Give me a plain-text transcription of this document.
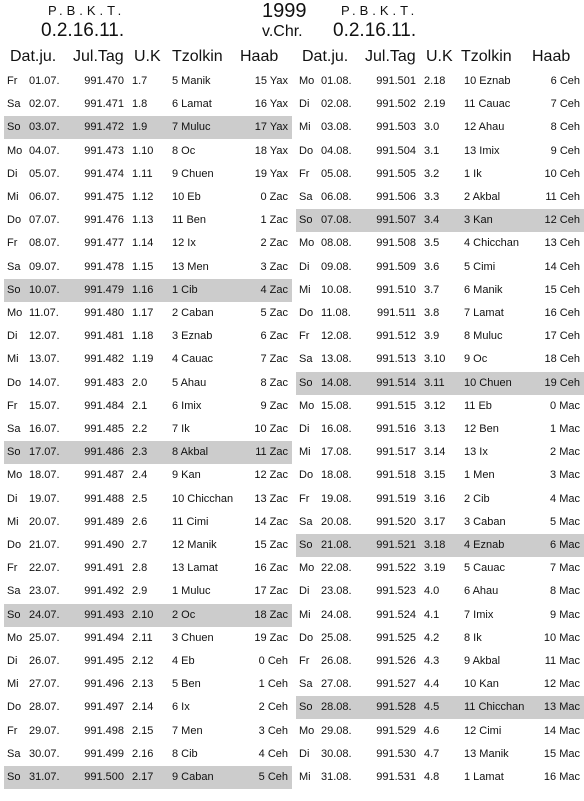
P.B.K.T.
0.2.16.11.
1999
v.Chr.
P.B.K.T.
0.2.16.11.
Dat.ju. Jul.Tag U.K Tzolkin Haab Dat.ju. Jul.Tag U.K Tzolkin Haab
Fr	01.07.	991.470 1.7	5 Manik	15 Yax
Sa 02.07.	991.471 1.8	6 Lamat	16 Yax
So 03.07.	991.472 1.9	7 Muluc	17 Yax
Mo 04.07.	991.473 1.10	8 Oc	18 Yax
Di	05.07.	991.474 1.11	9 Chuen	19 Yax
Mi 06.07.	991.475 1.12	10 Eb	0 Zac
Do 07.07.	991.476 1.13	11 Ben	1 Zac
Fr	08.07.	991.477 1.14	12 Ix	2 Zac
Sa 09.07.	991.478 1.15	13 Men	3 Zac
So 10.07.	991.479 1.16	1 Cib	4 Zac
Mo 11.07.	991.480 1.17	2 Caban	5 Zac
Di	12.07.	991.481 1.18	3 Eznab	6 Zac
Mi 13.07.	991.482 1.19	4 Cauac	7 Zac
Do 14.07.	991.483 2.0	5 Ahau	8 Zac
Fr	15.07.	991.484 2.1	6 Imix	9 Zac
Sa 16.07.	991.485 2.2	7 Ik	10 Zac
So 17.07.	991.486 2.3	8 Akbal	11 Zac
Mo 18.07.	991.487 2.4	9 Kan	12 Zac
Di	19.07.	991.488 2.5	10 Chicchan	13 Zac
Mi 20.07.	991.489 2.6	11 Cimi	14 Zac
Do 21.07.	991.490 2.7	12 Manik	15 Zac
Fr	22.07.	991.491 2.8	13 Lamat	16 Zac
Sa 23.07.	991.492 2.9	1 Muluc	17 Zac
So 24.07.	991.493 2.10	2 Oc	18 Zac
Mo 25.07.	991.494 2.11	3 Chuen	19 Zac
Di	26.07.	991.495 2.12	4 Eb	0 Ceh
Mi 27.07.	991.496 2.13	5 Ben	1 Ceh
Do 28.07.	991.497 2.14	6 Ix	2 Ceh
Fr	29.07.	991.498 2.15	7 Men	3 Ceh
Sa 30.07.	991.499 2.16	8 Cib	4 Ceh
So 31.07.	991.500 2.17	9 Caban	5 Ceh
Mo 01.08.	991.501 2.18	10 Eznab	6 Ceh
Di	02.08.	991.502 2.19	11 Cauac	7 Ceh
Mi 03.08.	991.503 3.0	12 Ahau	8 Ceh
Do 04.08.	991.504 3.1	13 Imix	9 Ceh
Fr	05.08.	991.505 3.2	1 Ik	10 Ceh
Sa 06.08.	991.506 3.3	2 Akbal	11 Ceh
So 07.08.	991.507 3.4	3 Kan	12 Ceh
Mo 08.08.	991.508 3.5	4 Chicchan	13 Ceh
Di	09.08.	991.509 3.6	5 Cimi	14 Ceh
Mi 10.08.	991.510 3.7	6 Manik	15 Ceh
Do 11.08.	991.511 3.8	7 Lamat	16 Ceh
Fr	12.08.	991.512 3.9	8 Muluc	17 Ceh
Sa 13.08.	991.513 3.10	9 Oc	18 Ceh
So 14.08.	991.514 3.11	10 Chuen	19 Ceh
Mo 15.08.	991.515 3.12	11 Eb	0 Mac
Di	16.08.	991.516 3.13	12 Ben	1 Mac
Mi 17.08.	991.517 3.14	13 Ix	2 Mac
Do 18.08.	991.518 3.15	1 Men	3 Mac
Fr	19.08.	991.519 3.16	2 Cib	4 Mac
Sa 20.08.	991.520 3.17	3 Caban	5 Mac
So 21.08.	991.521 3.18	4 Eznab	6 Mac
Mo 22.08.	991.522 3.19	5 Cauac	7 Mac
Di	23.08.	991.523 4.0	6 Ahau	8 Mac
Mi 24.08.	991.524 4.1	7 Imix	9 Mac
Do 25.08.	991.525 4.2	8 Ik	10 Mac
Fr	26.08.	991.526 4.3	9 Akbal	11 Mac
Sa 27.08.	991.527 4.4	10 Kan	12 Mac
So 28.08.	991.528 4.5	11 Chicchan	13 Mac
Mo 29.08.	991.529 4.6	12 Cimi	14 Mac
Di	30.08.	991.530 4.7	13 Manik	15 Mac
Mi 31.08.	991.531 4.8	1 Lamat	16 Mac
